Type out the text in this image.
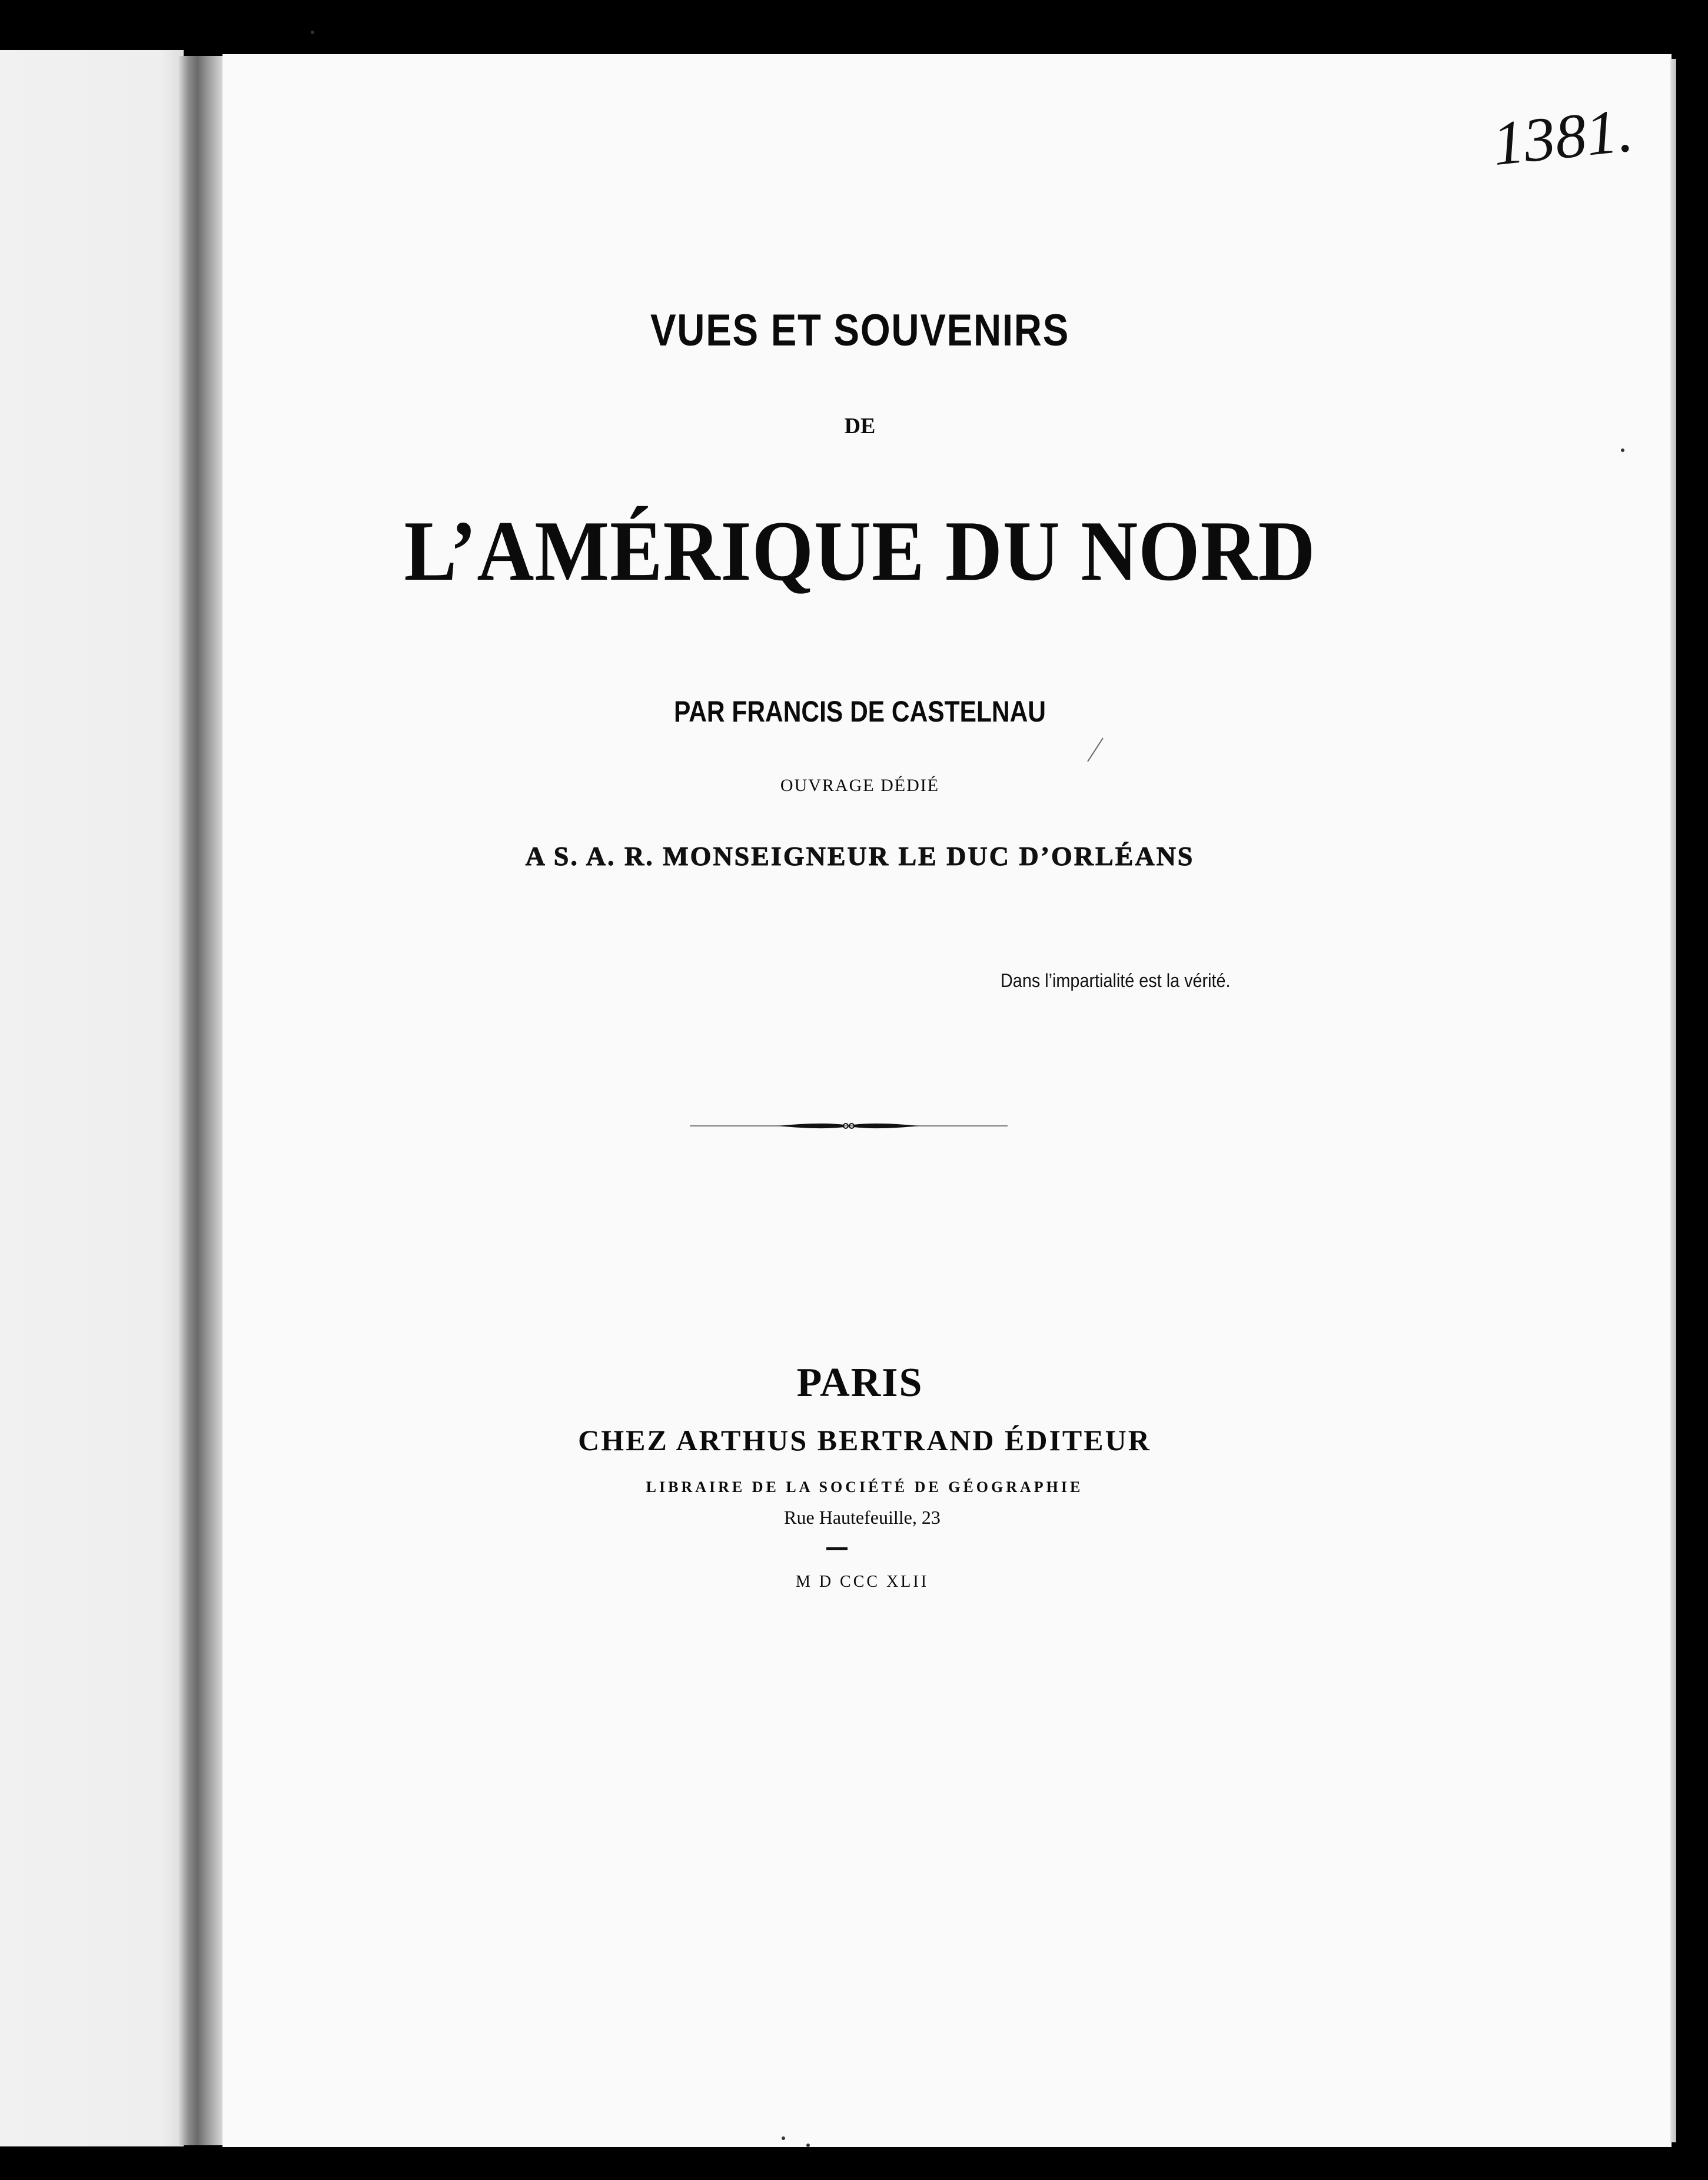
1381.
VUES ET SOUVENIRS
DE
L’AMÉRIQUE DU NORD
PAR FRANCIS DE CASTELNAU
OUVRAGE DÉDIÉ
A S. A. R. MONSEIGNEUR LE DUC D’ORLÉANS
Dans l’impartialité est la vérité.
PARIS
CHEZ ARTHUS BERTRAND ÉDITEUR
LIBRAIRE DE LA SOCIÉTÉ DE GÉOGRAPHIE
Rue Hautefeuille, 23
M D CCC XLII
